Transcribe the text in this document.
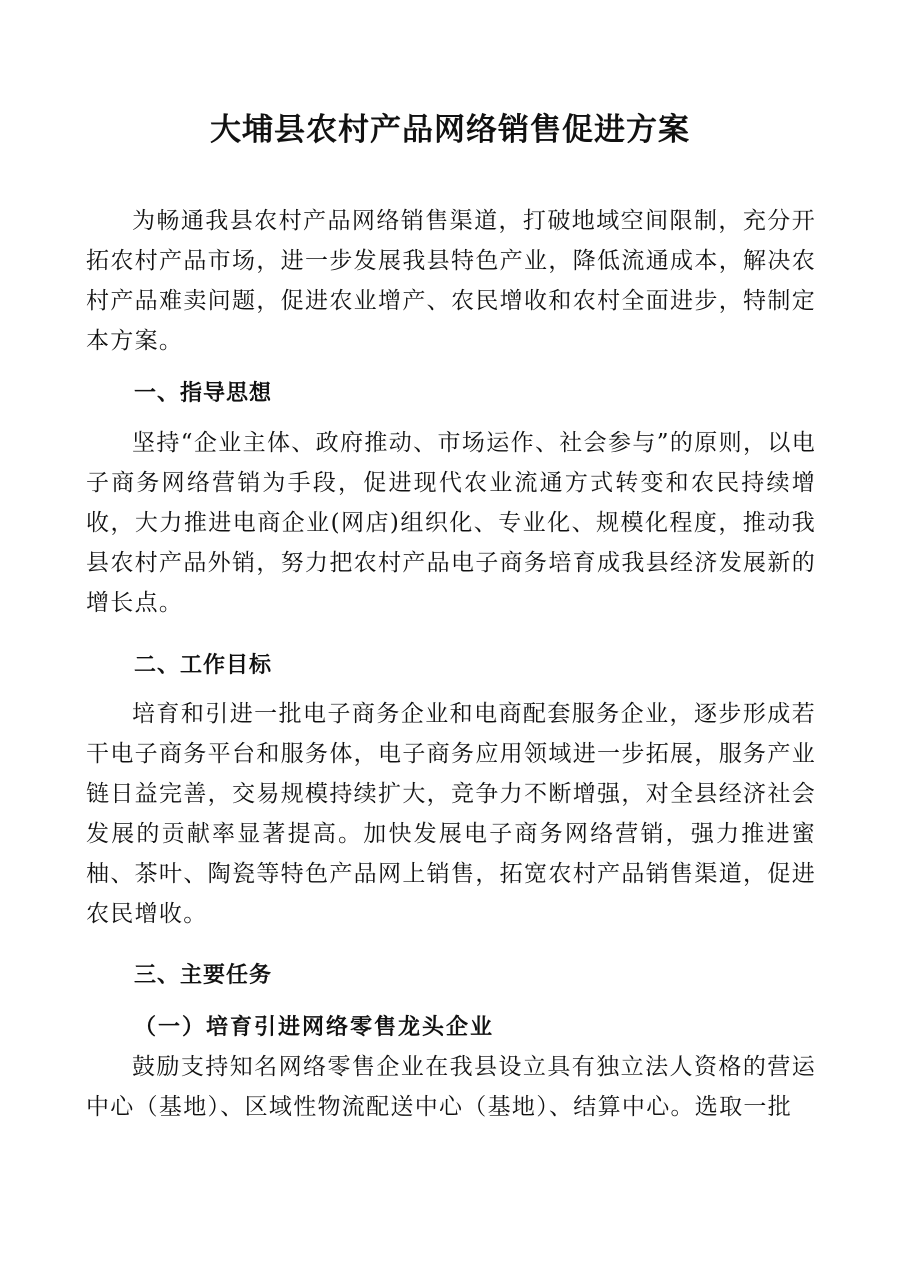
大埔县农村产品网络销售促进方案

为畅通我县农村产品网络销售渠道，打破地域空间限制，充分开拓农村产品市场，进一步发展我县特色产业，降低流通成本，解决农村产品难卖问题，促进农业增产、农民增收和农村全面进步，特制定本方案。

一、指导思想

坚持“企业主体、政府推动、市场运作、社会参与”的原则，以电子商务网络营销为手段，促进现代农业流通方式转变和农民持续增收，大力推进电商企业(网店)组织化、专业化、规模化程度，推动我县农村产品外销，努力把农村产品电子商务培育成我县经济发展新的增长点。

二、工作目标

培育和引进一批电子商务企业和电商配套服务企业，逐步形成若干电子商务平台和服务体，电子商务应用领域进一步拓展，服务产业链日益完善，交易规模持续扩大，竞争力不断增强，对全县经济社会发展的贡献率显著提高。加快发展电子商务网络营销，强力推进蜜柚、茶叶、陶瓷等特色产品网上销售，拓宽农村产品销售渠道，促进农民增收。

三、主要任务
（一）培育引进网络零售龙头企业

鼓励支持知名网络零售企业在我县设立具有独立法人资格的营运中心（基地）、区域性物流配送中心（基地）、结算中心。选取一批
